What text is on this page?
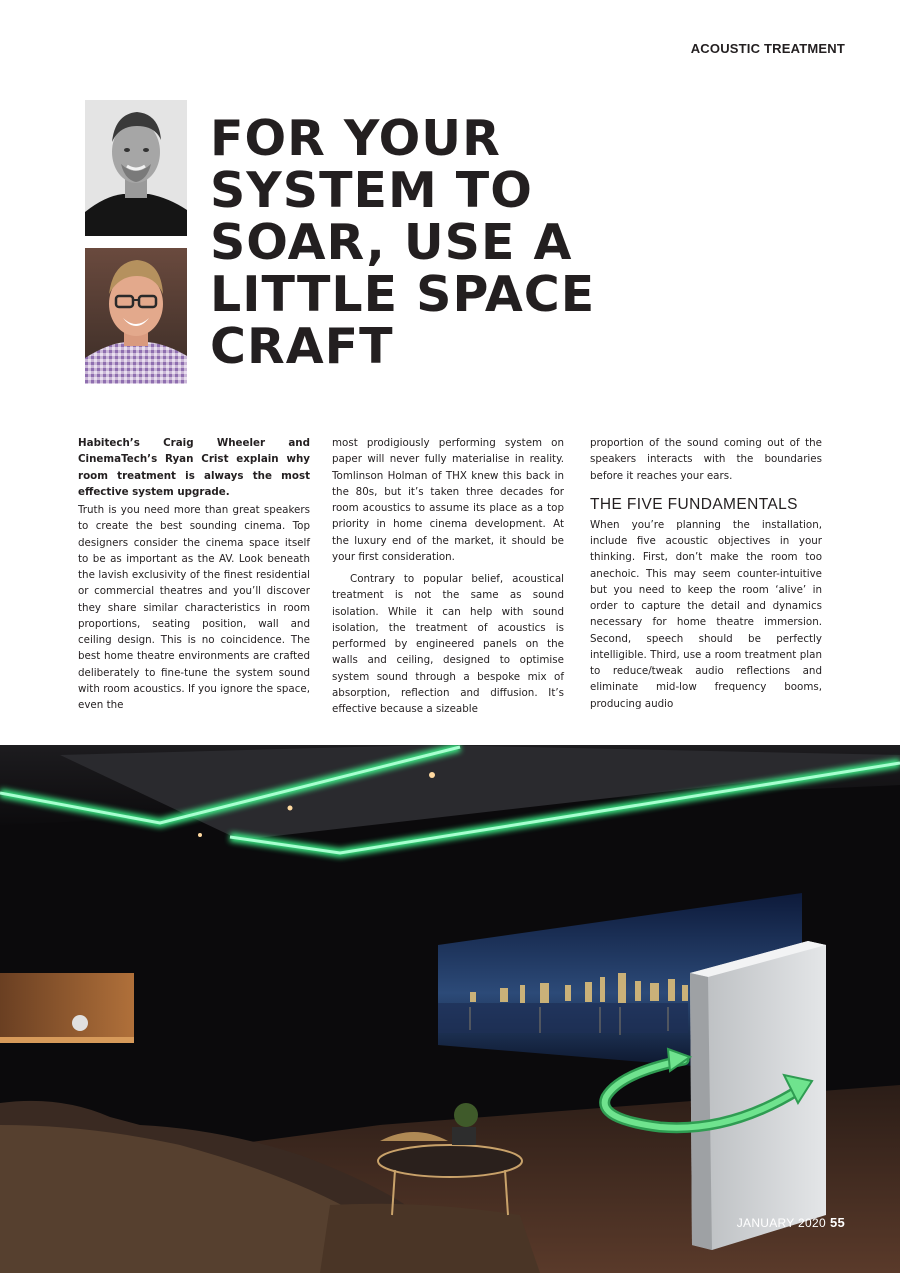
ACOUSTIC TREATMENT
FOR YOUR
SYSTEM TO
SOAR, USE A
LITTLE SPACE
CRAFT

Habitech’s Craig Wheeler and CinemaTech’s Ryan Crist explain why room treatment is always the most effective system upgrade.

Truth is you need more than great speakers to create the best sounding cinema. Top designers consider the cinema space itself to be as important as the AV. Look beneath the lavish exclusivity of the finest residential or commercial theatres and you’ll discover they share similar characteristics in room proportions, seating position, wall and ceiling design. This is no coincidence. The best home theatre environments are crafted deliberately to fine-tune the system sound with room acoustics. If you ignore the space, even the

most prodigiously performing system on paper will never fully materialise in reality. Tomlinson Holman of THX knew this back in the 80s, but it’s taken three decades for room acoustics to assume its place as a top priority in home cinema development. At the luxury end of the market, it should be your first consideration.

Contrary to popular belief, acoustical treatment is not the same as sound isolation. While it can help with sound isolation, the treatment of acoustics is performed by engineered panels on the walls and ceiling, designed to optimise system sound through a bespoke mix of absorption, reflection and diffusion. It’s effective because a sizeable

proportion of the sound coming out of the speakers interacts with the boundaries before it reaches your ears.

THE FIVE FUNDAMENTALS

When you’re planning the installation, include five acoustic objectives in your thinking. First, don’t make the room too anechoic. This may seem counter-intuitive but you need to keep the room ‘alive’ in order to capture the detail and dynamics necessary for home theatre immersion. Second, speech should be perfectly intelligible. Third, use a room treatment plan to reduce/tweak audio reflections and eliminate mid-low frequency booms, producing audio

JANUARY 2020 55
